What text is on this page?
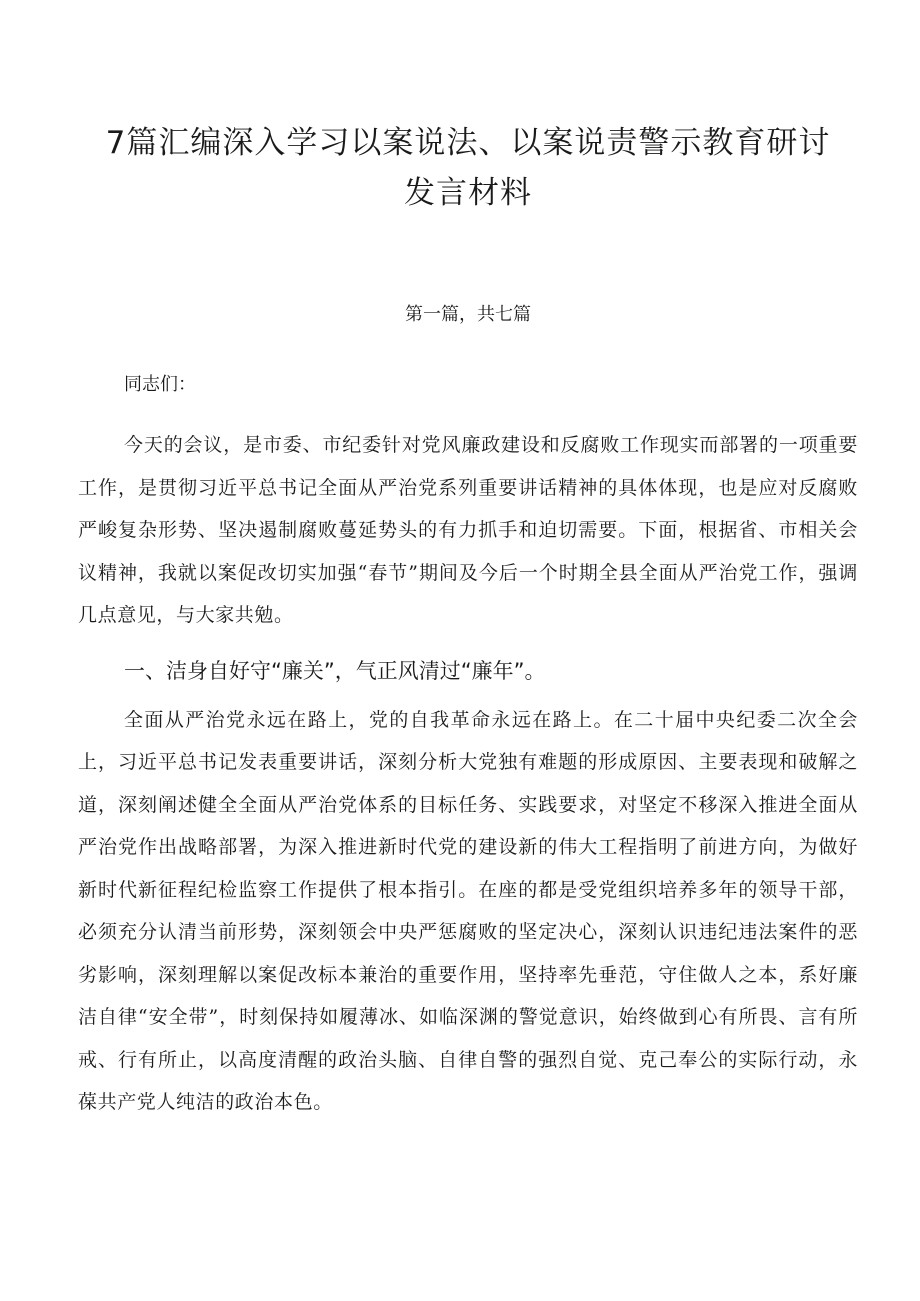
7篇汇编深入学习以案说法、以案说责警示教育研讨发言材料

第一篇，共七篇

同志们：

今天的会议，是市委、市纪委针对党风廉政建设和反腐败工作现实而部署的一项重要工作，是贯彻习近平总书记全面从严治党系列重要讲话精神的具体体现，也是应对反腐败严峻复杂形势、坚决遏制腐败蔓延势头的有力抓手和迫切需要。下面，根据省、市相关会议精神，我就以案促改切实加强“春节”期间及今后一个时期全县全面从严治党工作，强调几点意见，与大家共勉。

一、洁身自好守“廉关”，气正风清过“廉年”。

全面从严治党永远在路上，党的自我革命永远在路上。在二十届中央纪委二次全会上，习近平总书记发表重要讲话，深刻分析大党独有难题的形成原因、主要表现和破解之道，深刻阐述健全全面从严治党体系的目标任务、实践要求，对坚定不移深入推进全面从严治党作出战略部署，为深入推进新时代党的建设新的伟大工程指明了前进方向，为做好新时代新征程纪检监察工作提供了根本指引。在座的都是受党组织培养多年的领导干部，必须充分认清当前形势，深刻领会中央严惩腐败的坚定决心，深刻认识违纪违法案件的恶劣影响，深刻理解以案促改标本兼治的重要作用，坚持率先垂范，守住做人之本，系好廉洁自律“安全带”，时刻保持如履薄冰、如临深渊的警觉意识，始终做到心有所畏、言有所戒、行有所止，以高度清醒的政治头脑、自律自警的强烈自觉、克己奉公的实际行动，永葆共产党人纯洁的政治本色。
